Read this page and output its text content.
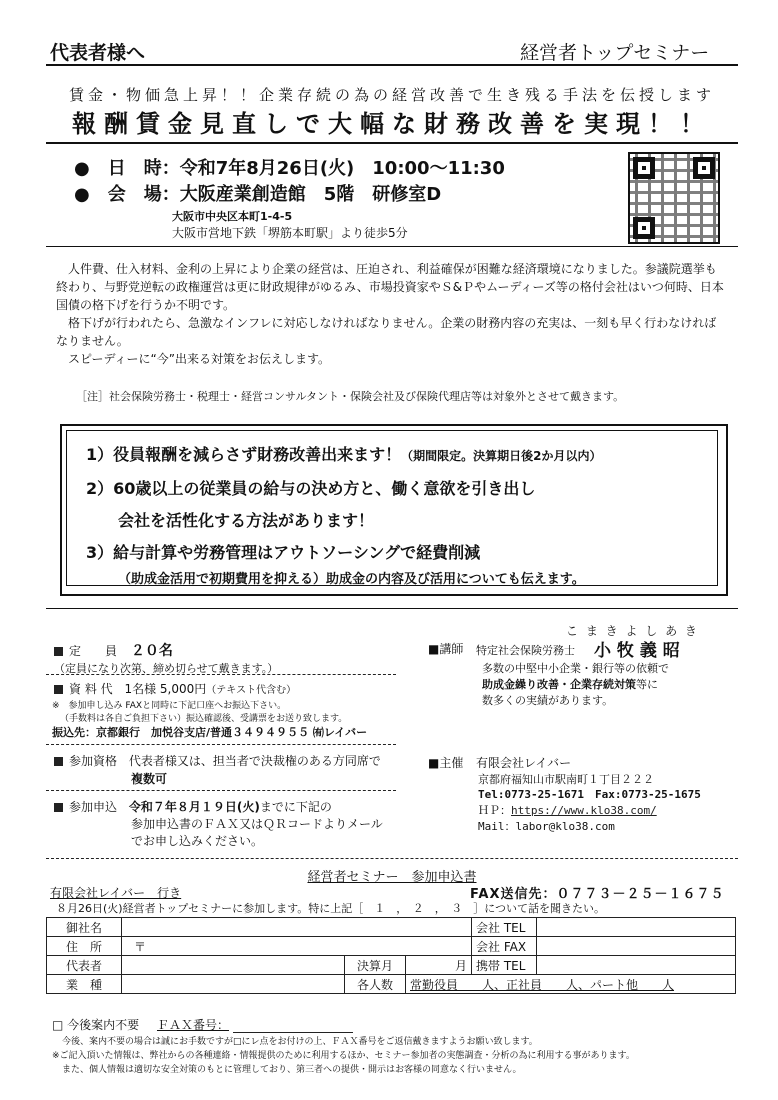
代表者様へ	経営者トップセミナー
賃金・物価急上昇！！企業存続の為の経営改善で生き残る手法を伝授します
報酬賃金見直しで大幅な財務改善を実現！！
●　日　時：令和7年8月26日(火)　10:00～11:30
●　会　場：大阪産業創造館　5階　研修室D
大阪市中央区本町1-4-5
大阪市営地下鉄「堺筋本町駅」より徒歩5分
　人件費、仕入材料、金利の上昇により企業の経営は、圧迫され、利益確保が困難な経済環境になりました。参議院選挙も終わり、与野党逆転の政権運営は更に財政規律がゆるみ、市場投資家やＳ&Ｐやムーディーズ等の格付会社はいつ何時、日本国債の格下げを行うか不明です。
　格下げが行われたら、急激なインフレに対応しなければなりません。企業の財務内容の充実は、一刻も早く行わなければなりません。
　スピーディーに“今”出来る対策をお伝えします。
［注］社会保険労務士・税理士・経営コンサルタント・保険会社及び保険代理店等は対象外とさせて戴きます。
1）役員報酬を減らさず財務改善出来ます！（期間限定。決算期日後2か月以内）
2）60歳以上の従業員の給与の決め方と、働く意欲を引き出し
会社を活性化する方法があります！
3）給与計算や労務管理はアウトソーシングで経費削減
（助成金活用で初期費用を抑える）助成金の内容及び活用についても伝えます。
定　　員 ２０名（定員になり次第、締め切らせて戴きます。）
資 料 代 1名様 5,000円（テキスト代含む）
※　参加申し込み FAXと同時に下記口座へお振込下さい。
（手数料は各自ご負担下さい）振込確認後、受講票をお送り致します。
振込先：京都銀行　加悦谷支店/普通３４９４９５５ ㈲レイバー
参加資格 代表者様又は、担当者で決裁権のある方同席で
複数可
参加申込 令和７年８月１９日(火)までに下記の
参加申込書のＦＡＸ又はＱＲコードよりメール
でお申し込みください。
こ ま き よ し あ き
■講師 特定社会保険労務士 小 牧 義 昭
多数の中堅中小企業・銀行等の依頼で
助成金繰り改善・企業存続対策等に
数多くの実績があります。
■主催 有限会社レイバー
京都府福知山市駅南町１丁目２２２
Tel:0773-25-1671　Fax:0773-25-1675
ＨＰ：https://www.klo38.com/
Mail：labor@klo38.com
経営者セミナー　参加申込書
有限会社レイバー　行き	FAX送信先：０７７３－２５－１６７５
８月26日(火)経営者トップセミナーに参加します。特に上記［　１　，　２　，　３　］について話を聞きたい。
御社名				会社 TEL	
住　所	〒			会社 FAX	
代表者		決算月	月	携帯 TEL	
業　種		各人数	常勤役員　　人、正社員　　人、パート他　　人		
□ 今後案内不要 ＦＡＸ番号：
今後、案内不要の場合は誠にお手数ですが□にレ点をお付けの上、ＦＡＸ番号をご返信戴きますようお願い致します。
※ご記入頂いた情報は、弊社からの各種連絡・情報提供のために利用するほか、セミナー参加者の実態調査・分析の為に利用する事があります。
また、個人情報は適切な安全対策のもとに管理しており、第三者への提供・開示はお客様の同意なく行いません。
